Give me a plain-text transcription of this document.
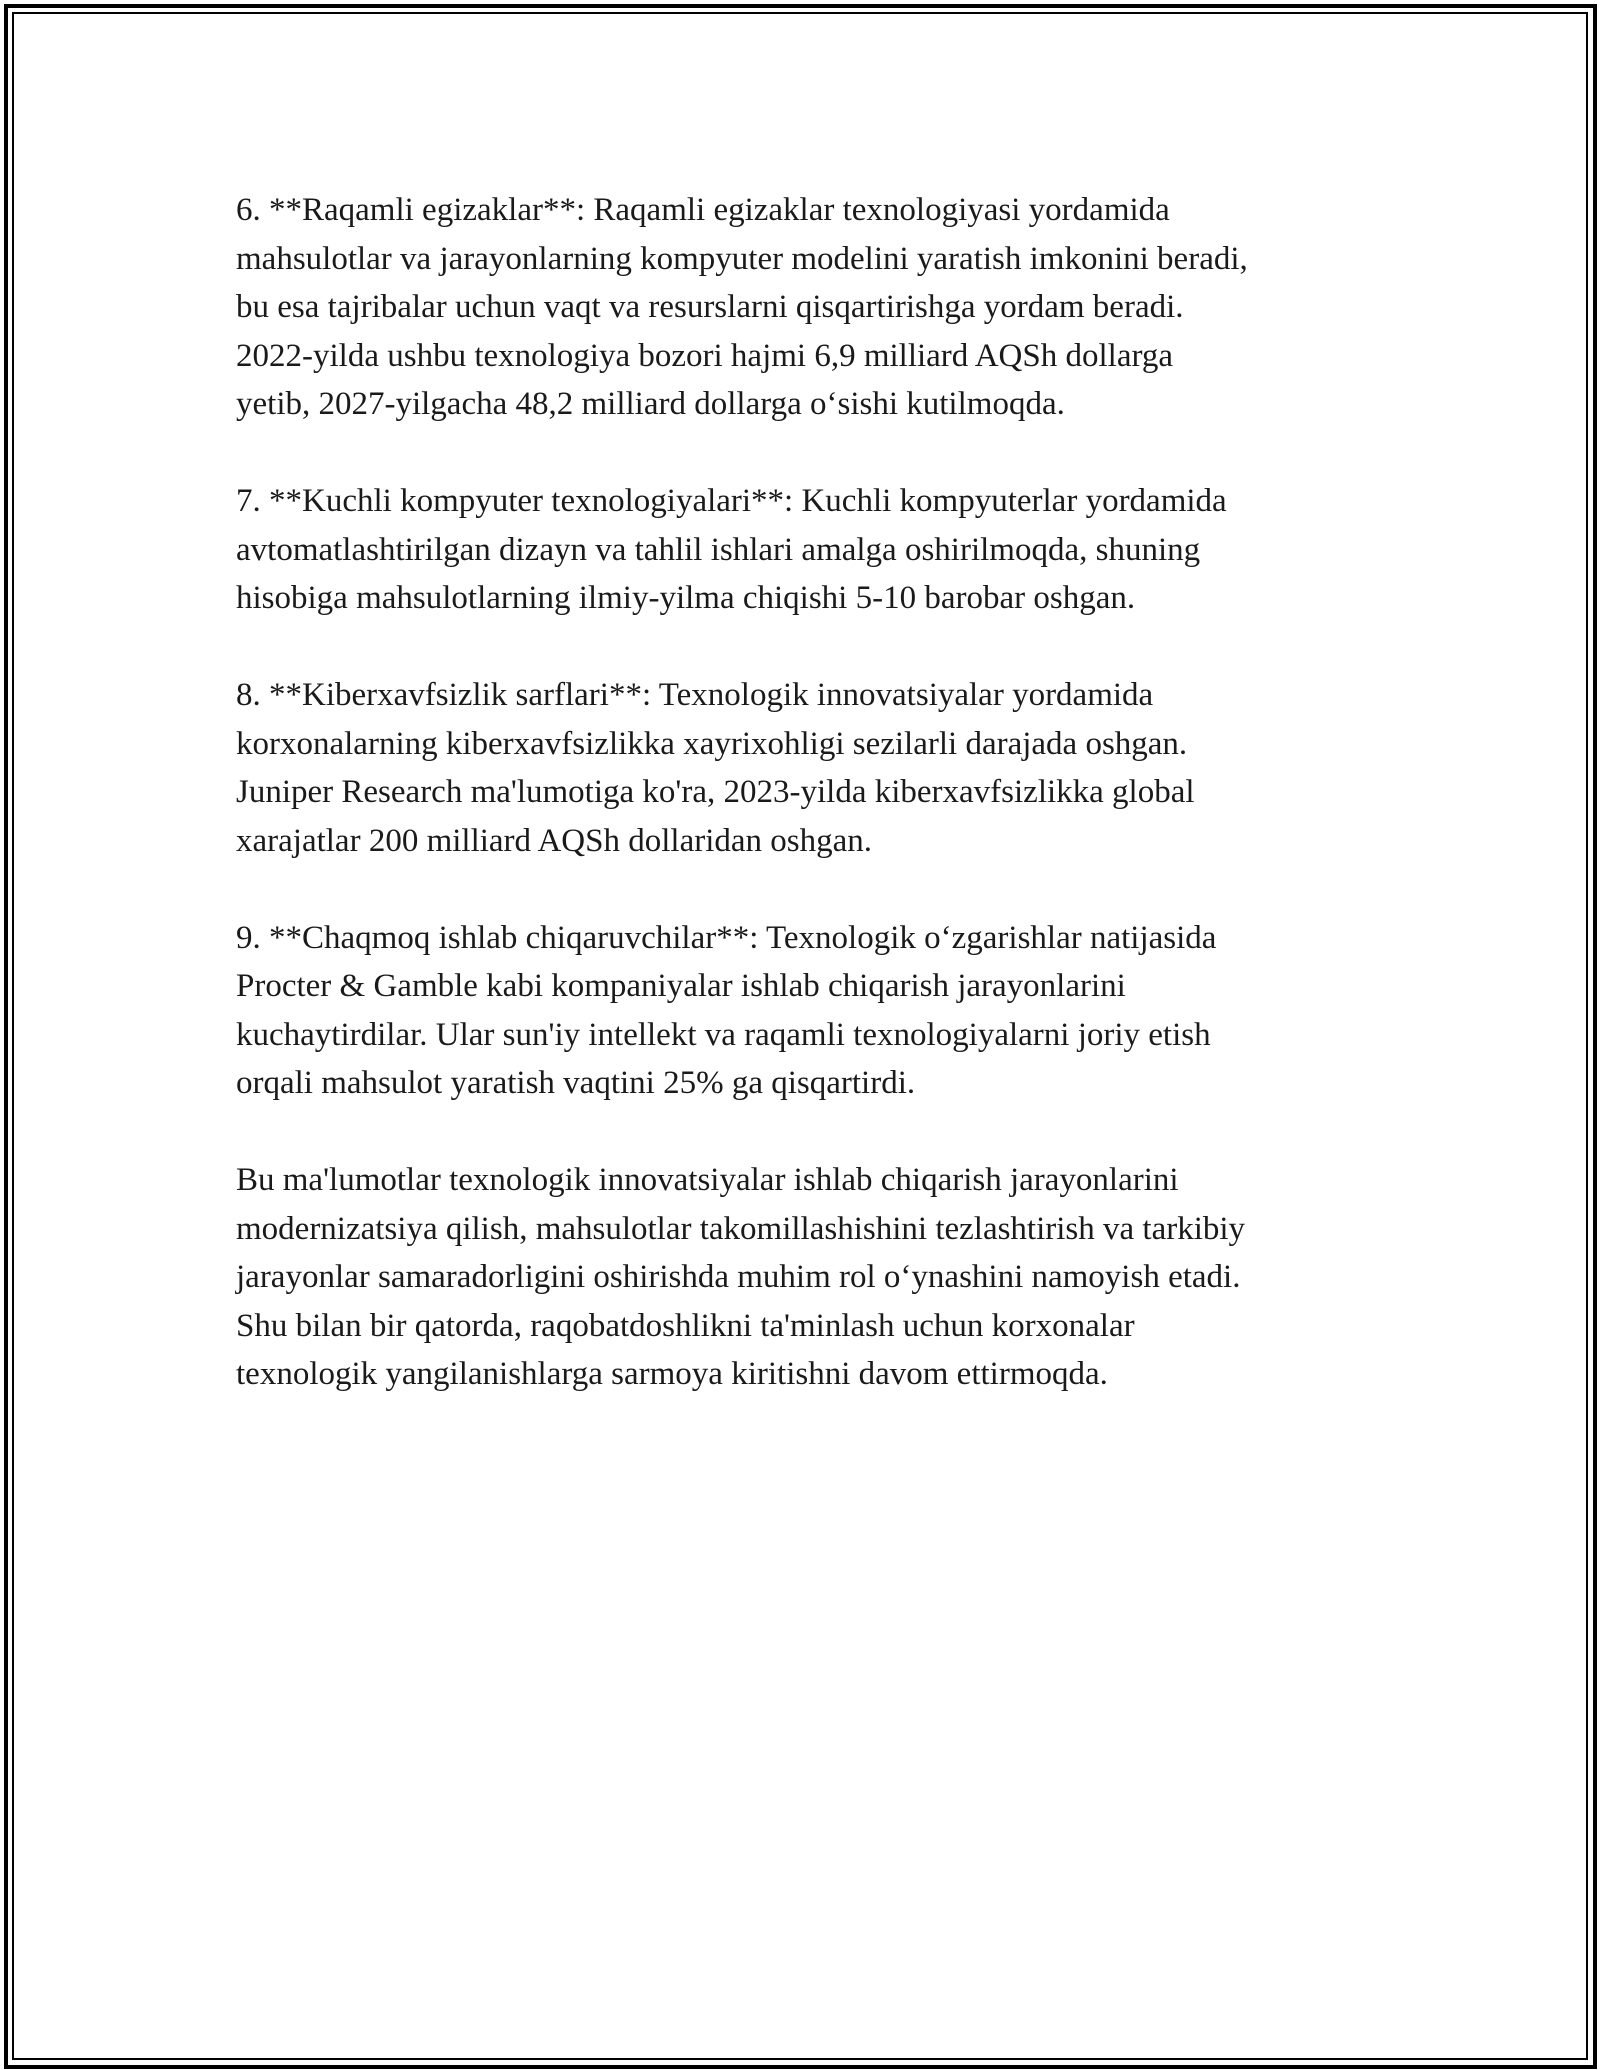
6. **Raqamli egizaklar**: Raqamli egizaklar texnologiyasi yordamida
mahsulotlar va jarayonlarning kompyuter modelini yaratish imkonini beradi,
bu esa tajribalar uchun vaqt va resurslarni qisqartirishga yordam beradi.
2022-yilda ushbu texnologiya bozori hajmi 6,9 milliard AQSh dollarga
yetib, 2027-yilgacha 48,2 milliard dollarga o‘sishi kutilmoqda.

7. **Kuchli kompyuter texnologiyalari**: Kuchli kompyuterlar yordamida
avtomatlashtirilgan dizayn va tahlil ishlari amalga oshirilmoqda, shuning
hisobiga mahsulotlarning ilmiy-yilma chiqishi 5-10 barobar oshgan.

8. **Kiberxavfsizlik sarflari**: Texnologik innovatsiyalar yordamida
korxonalarning kiberxavfsizlikka xayrixohligi sezilarli darajada oshgan.
Juniper Research ma'lumotiga ko'ra, 2023-yilda kiberxavfsizlikka global
xarajatlar 200 milliard AQSh dollaridan oshgan.

9. **Chaqmoq ishlab chiqaruvchilar**: Texnologik o‘zgarishlar natijasida
Procter & Gamble kabi kompaniyalar ishlab chiqarish jarayonlarini
kuchaytirdilar. Ular sun'iy intellekt va raqamli texnologiyalarni joriy etish
orqali mahsulot yaratish vaqtini 25% ga qisqartirdi.

Bu ma'lumotlar texnologik innovatsiyalar ishlab chiqarish jarayonlarini
modernizatsiya qilish, mahsulotlar takomillashishini tezlashtirish va tarkibiy
jarayonlar samaradorligini oshirishda muhim rol o‘ynashini namoyish etadi.
Shu bilan bir qatorda, raqobatdoshlikni ta'minlash uchun korxonalar
texnologik yangilanishlarga sarmoya kiritishni davom ettirmoqda.
